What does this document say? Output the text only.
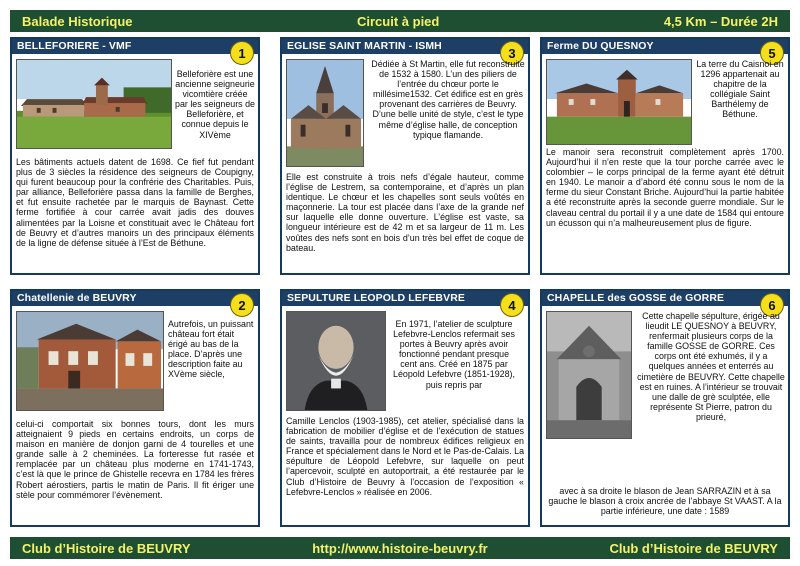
Balade Historique	Circuit à pied	4,5 Km – Durée 2H
BELLEFORIERE - VMF	1
Belleforière est une ancienne seigneurie vicomtière créée par les seigneurs de Belleforière, et connue depuis le XIVème
Les bâtiments actuels datent de 1698. Ce fief fut pendant plus de 3 siècles la résidence des seigneurs de Coupigny, qui furent beaucoup pour la confrérie des Charitables. Puis, par alliance, Belleforière passa dans la famille de Berghes, et fut ensuite rachetée par le marquis de Baynast. Cette ferme fortifiée à cour carrée avait jadis des douves alimentées par la Loisne et constituait avec le Château fort de Beuvry et d’autres manoirs un des principaux éléments de la ligne de défense située à l’Est de Béthune.
Chatellenie de BEUVRY	2
Autrefois, un puissant château fort était érigé au bas de la place. D’après une description faite au XVème siècle,
celui-ci comportait six bonnes tours, dont les murs atteignaient 9 pieds en certains endroits, un corps de maison en manière de donjon garni de 4 tourelles et une grande salle à 2 cheminées. La forteresse fut rasée et remplacée par un château plus moderne en 1741-1743, c’est là que le prince de Ghistelle recevra en 1784 les frères Robert aérostiers, partis le matin de Paris. Il fit ériger une stèle pour commémorer l’évènement.
EGLISE SAINT MARTIN - ISMH	3
Dédiée à St Martin, elle fut reconstruite de 1532 à 1580. L’un des piliers de l’entrée du chœur porte le millésime1532. Cet édifice est en grès provenant des carrières de Beuvry. D’une belle unité de style, c’est le type même d’église halle, de conception typique flamande.
Elle est construite à trois nefs d’égale hauteur, comme l’église de Lestrem, sa contemporaine, et d’après un plan identique. Le chœur et les chapelles sont seuls voûtés en maçonnerie. La tour est placée dans l’axe de la grande nef sur laquelle elle donne ouverture. L’église est vaste, sa longueur intérieure est de 42 m et sa largeur de 11 m. Les voûtes des nefs sont en bois d’un très bel effet de coque de bateau.
SEPULTURE LEOPOLD LEFEBVRE	4
En 1971, l’atelier de sculpture Lefebvre-Lenclos refermait ses portes à Beuvry après avoir fonctionné pendant presque cent ans. Créé en 1875 par Léopold Lefebvre (1851-1928), puis repris par
Camille Lenclos (1903-1985), cet atelier, spécialisé dans la fabrication de mobilier d’église et de l’exécution de statues de saints, travailla pour de nombreux édifices religieux en France et spécialement dans le Nord et le Pas-de-Calais. La sépulture de Léopold Lefebvre, sur laquelle on peut l’apercevoir, sculpté en autoportrait, a été restaurée par le Club d’Histoire de Beuvry à l’occasion de l’exposition « Lefebvre-Lenclos » réalisée en 2006.
Ferme DU QUESNOY	5
La terre du Caisnoi en 1296 appartenait au chapitre de la collégiale Saint Barthélemy de Béthune.
Le manoir sera reconstruit complètement après 1700. Aujourd’hui il n’en reste que la tour porche carrée avec le colombier – le corps principal de la ferme ayant été détruit en 1940. Le manoir a d’abord été connu sous le nom de la ferme du sieur Constant Briche. Aujourd’hui la partie habitée a été reconstruite après la seconde guerre mondiale. Sur le claveau central du portail il y a une date de 1584 qui entoure un écusson qui n’a malheureusement plus de figure.
CHAPELLE des GOSSE de GORRE	6
Cette chapelle sépulture, érigée au lieudit LE QUESNOY à BEUVRY, renfermait plusieurs corps de la famille GOSSE de GORRE. Ces corps ont été exhumés, il y a quelques années et enterrés au cimetière de BEUVRY. Cette chapelle est en ruines. A l’intérieur se trouvait une dalle de grè sculptée, elle représente St Pierre, patron du prieuré,
avec à sa droite le blason de Jean SARRAZIN et à sa gauche le blason à croix ancrée de l’abbaye St VAAST. A la partie inférieure, une date : 1589
Club d’Histoire de BEUVRY	http://www.histoire-beuvry.fr	Club d’Histoire de BEUVRY
